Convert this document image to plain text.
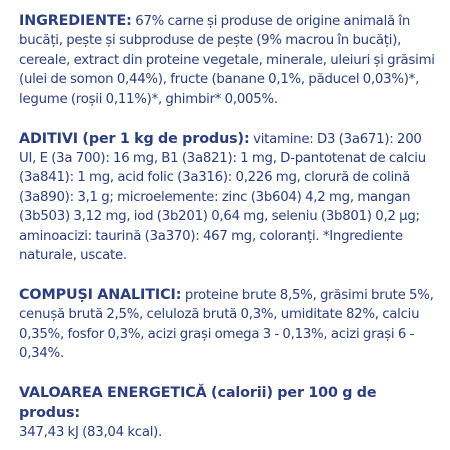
INGREDIENTE: 67% carne și produse de origine animală în bucăți, pește și subproduse de pește (9% macrou în bucăți), cereale, extract din proteine vegetale, minerale, uleiuri și grăsimi (ulei de somon 0,44%), fructe (banane 0,1%, păducel 0,03%)*, legume (roșii 0,11%)*, ghimbir* 0,005%.

ADITIVI (per 1 kg de produs): vitamine: D3 (3a671): 200 UI, E (3a 700): 16 mg, B1 (3a821): 1 mg, D-pantotenat de calciu (3a841): 1 mg, acid folic (3a316): 0,226 mg, clorură de colină (3a890): 3,1 g; microelemente: zinc (3b604) 4,2 mg, mangan (3b503) 3,12 mg, iod (3b201) 0,64 mg, seleniu (3b801) 0,2 µg; aminoacizi: taurină (3a370): 467 mg, coloranți. *Ingrediente naturale, uscate.

COMPUȘI ANALITICI: proteine brute 8,5%, grăsimi brute 5%, cenușă brută 2,5%, celuloză brută 0,3%, umiditate 82%, calciu 0,35%, fosfor 0,3%, acizi grași omega 3 - 0,13%, acizi grași 6 - 0,34%.

VALOAREA ENERGETICĂ (calorii) per 100 g de produs:
347,43 kJ (83,04 kcal).
